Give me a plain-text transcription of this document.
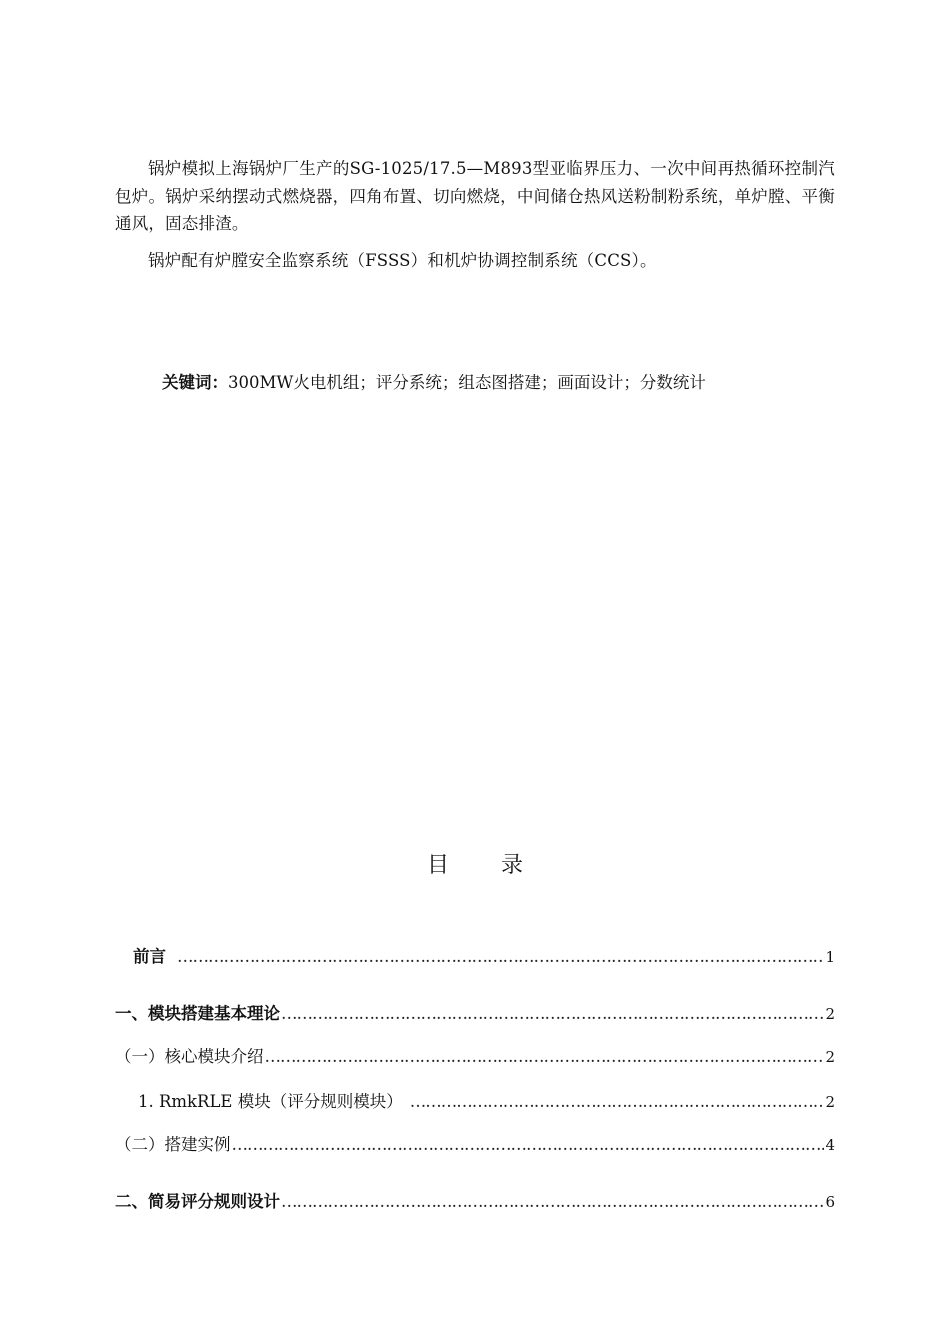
锅炉模拟上海锅炉厂生产的SG-1025/17.5—M893型亚临界压力、一次中间再热循环控制汽包炉。锅炉采纳摆动式燃烧器，四角布置、切向燃烧，中间储仓热风送粉制粉系统，单炉膛、平衡通风，固态排渣。

锅炉配有炉膛安全监察系统（FSSS）和机炉协调控制系统（CCS）。

关键词：300MW火电机组；评分系统；组态图搭建；画面设计；分数统计
目 录
前言 ………………………………………………………………………………………………………………………………………………………………	1
一、模块搭建基本理论 ………………………………………………………………………………………………………………………………………………………………	2
（一）核心模块介绍 ………………………………………………………………………………………………………………………………………………………………	2
1. RmkRLE 模块（评分规则模块） ………………………………………………………………………………………………………………………………………………………………	2
（二）搭建实例 ………………………………………………………………………………………………………………………………………………………………	4
二、简易评分规则设计 ………………………………………………………………………………………………………………………………………………………………	6
